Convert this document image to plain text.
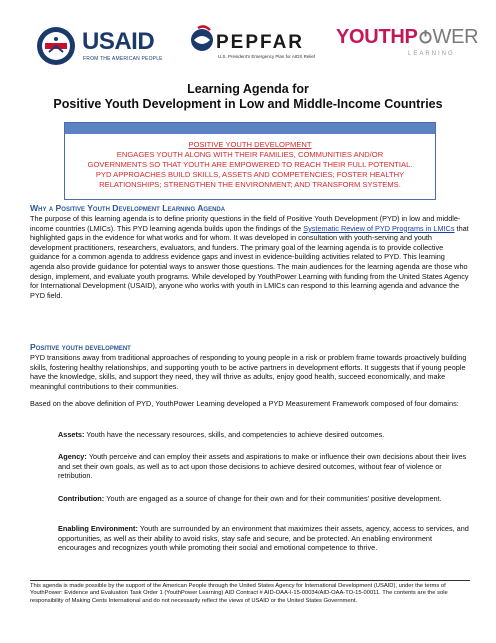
USAID
FROM THE AMERICAN PEOPLE
PEPFAR
U.S. President's Emergency Plan for AIDS Relief
YOUTHP WER
LEARNING
Learning Agenda for
Positive Youth Development in Low and Middle-Income Countries
POSITIVE YOUTH DEVELOPMENT
ENGAGES YOUTH ALONG WITH THEIR FAMILIES, COMMUNITIES AND/OR
GOVERNMENTS SO THAT YOUTH ARE EMPOWERED TO REACH THEIR FULL POTENTIAL.
PYD APPROACHES BUILD SKILLS, ASSETS AND COMPETENCIES; FOSTER HEALTHY
RELATIONSHIPS; STRENGTHEN THE ENVIRONMENT; AND TRANSFORM SYSTEMS.
Why a Positive Youth Development Learning Agenda
The purpose of this learning agenda is to define priority questions in the field of Positive Youth Development (PYD) in low and middle-income countries (LMICs). This PYD learning agenda builds upon the findings of the Systematic Review of PYD Programs in LMICs that highlighted gaps in the evidence for what works and for whom. It was developed in consultation with youth-serving and youth development practitioners, researchers, evaluators, and funders. The primary goal of the learning agenda is to provide collective guidance for a common agenda to address evidence gaps and invest in evidence-building activities related to PYD. This learning agenda also provide guidance for potential ways to answer those questions. The main audiences for the learning agenda are those who design, implement, and evaluate youth programs. While developed by YouthPower Learning with funding from the United States Agency for International Development (USAID), anyone who works with youth in LMICs can respond to this learning agenda and advance the PYD field.
Positive youth development
PYD transitions away from traditional approaches of responding to young people in a risk or problem frame towards proactively building skills, fostering healthy relationships, and supporting youth to be active partners in development efforts. It suggests that if young people have the knowledge, skills, and support they need, they will thrive as adults, enjoy good health, succeed economically, and make meaningful contributions to their communities.
Based on the above definition of PYD, YouthPower Learning developed a PYD Measurement Framework composed of four domains:
Assets: Youth have the necessary resources, skills, and competencies to achieve desired outcomes.
Agency: Youth perceive and can employ their assets and aspirations to make or influence their own decisions about their lives and set their own goals, as well as to act upon those decisions to achieve desired outcomes, without fear of violence or retribution.
Contribution: Youth are engaged as a source of change for their own and for their communities' positive development.
Enabling Environment: Youth are surrounded by an environment that maximizes their assets, agency, access to services, and opportunities, as well as their ability to avoid risks, stay safe and secure, and be protected. An enabling environment encourages and recognizes youth while promoting their social and emotional competence to thrive.
This agenda is made possible by the support of the American People through the United States Agency for International Development (USAID), under the terms of YouthPower: Evidence and Evaluation Task Order 1 (YouthPower Learning) AID Contract # AID-OAA-I-15-00034/AID-OAA-TO-15-00011. The contents are the sole responsibility of Making Cents International and do not necessarily reflect the views of USAID or the United States Government.
